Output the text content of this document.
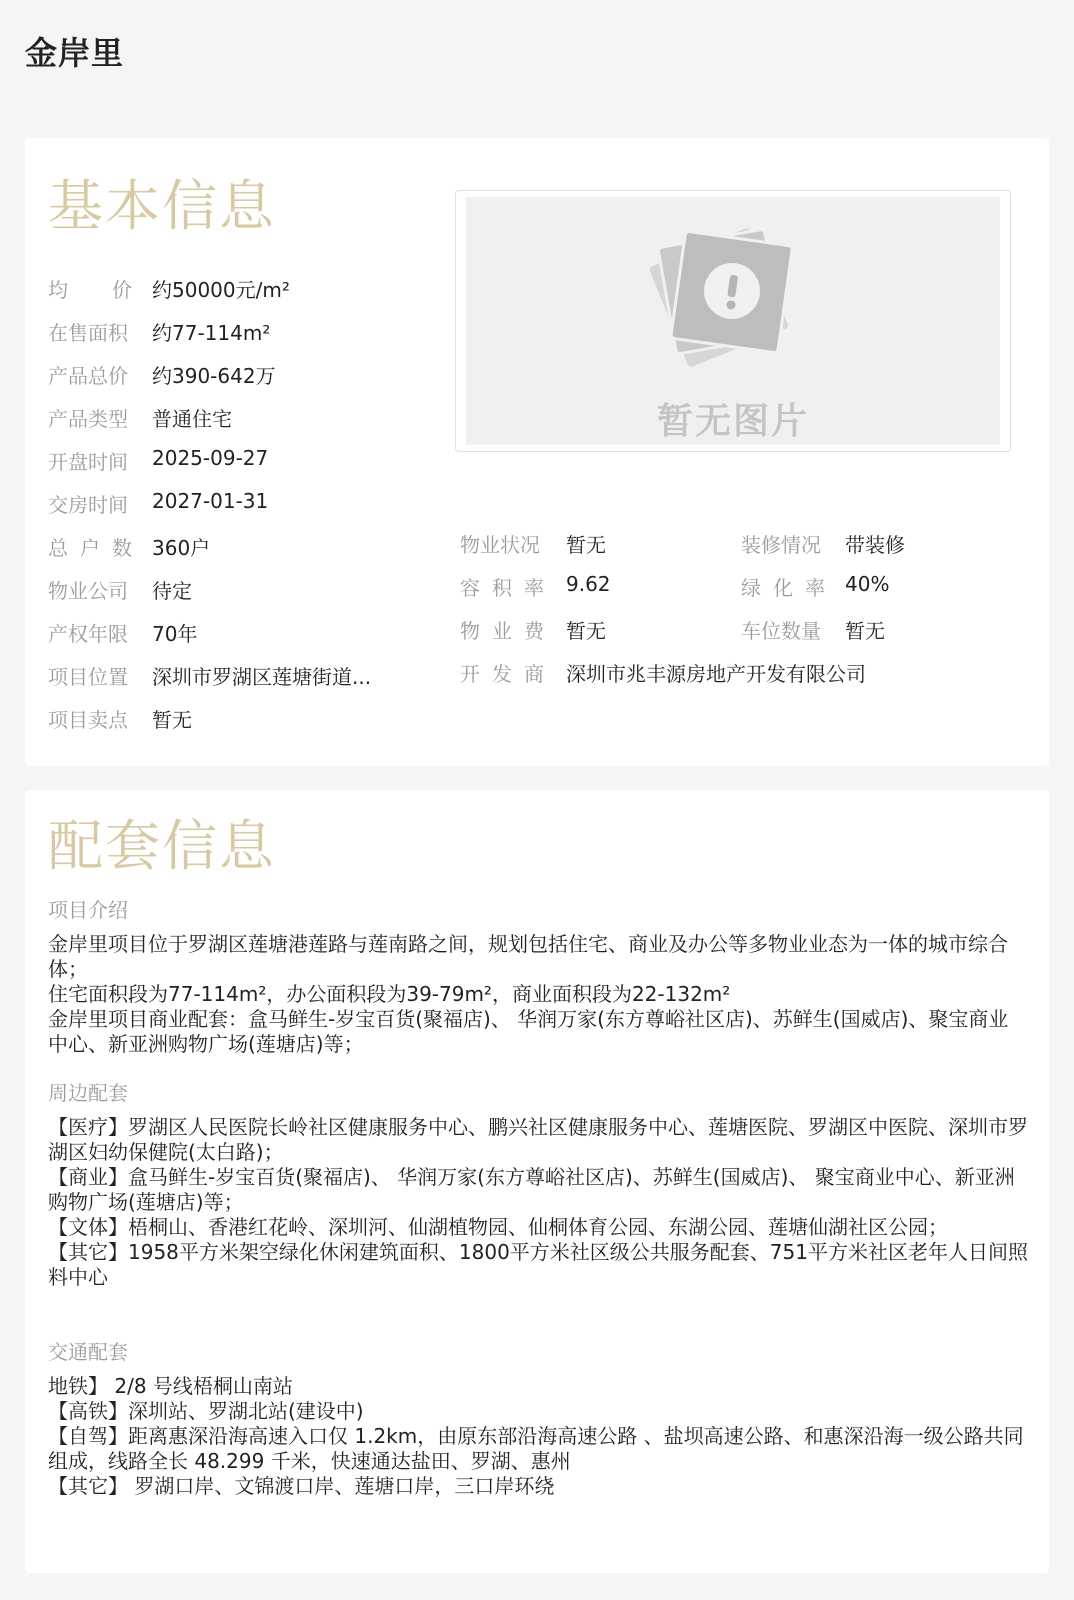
金岸里
基本信息
均 价 约50000元/m²
在售面积 约77-114m²
产品总价 约390-642万
产品类型 普通住宅
开盘时间 2025-09-27
交房时间 2027-01-31
总 户 数 360户
物业公司 待定
产权年限 70年
项目位置 深圳市罗湖区莲塘街道...
项目卖点 暂无
暂无图片
物业状况 暂无
容 积 率 9.62
物 业 费 暂无
开 发 商 深圳市兆丰源房地产开发有限公司
装修情况 带装修
绿 化 率 40%
车位数量 暂无
配套信息
项目介绍
金岸里项目位于罗湖区莲塘港莲路与莲南路之间，规划包括住宅、商业及办公等多物业业态为一体的城市综合体；
住宅面积段为77-114m²，办公面积段为39-79m²，商业面积段为22-132m²
金岸里项目商业配套：盒马鲜生-岁宝百货(聚福店)、 华润万家(东方尊峪社区店)、苏鲜生(国威店)、聚宝商业中心、新亚洲购物广场(莲塘店)等；
周边配套
【医疗】罗湖区人民医院长岭社区健康服务中心、鹏兴社区健康服务中心、莲塘医院、罗湖区中医院、深圳市罗湖区妇幼保健院(太白路)；
【商业】盒马鲜生-岁宝百货(聚福店)、 华润万家(东方尊峪社区店)、苏鲜生(国威店)、 聚宝商业中心、新亚洲购物广场(莲塘店)等；
【文体】梧桐山、香港红花岭、深圳河、仙湖植物园、仙桐体育公园、东湖公园、莲塘仙湖社区公园；
【其它】1958平方米架空绿化休闲建筑面积、1800平方米社区级公共服务配套、751平方米社区老年人日间照料中心
交通配套
地铁】 2/8 号线梧桐山南站
【高铁】深圳站、罗湖北站(建设中)
【自驾】距离惠深沿海高速入口仅 1.2km，由原东部沿海高速公路 、盐坝高速公路、和惠深沿海一级公路共同组成，线路全长 48.299 千米，快速通达盐田、罗湖、惠州
【其它】 罗湖口岸、文锦渡口岸、莲塘口岸，三口岸环绕
